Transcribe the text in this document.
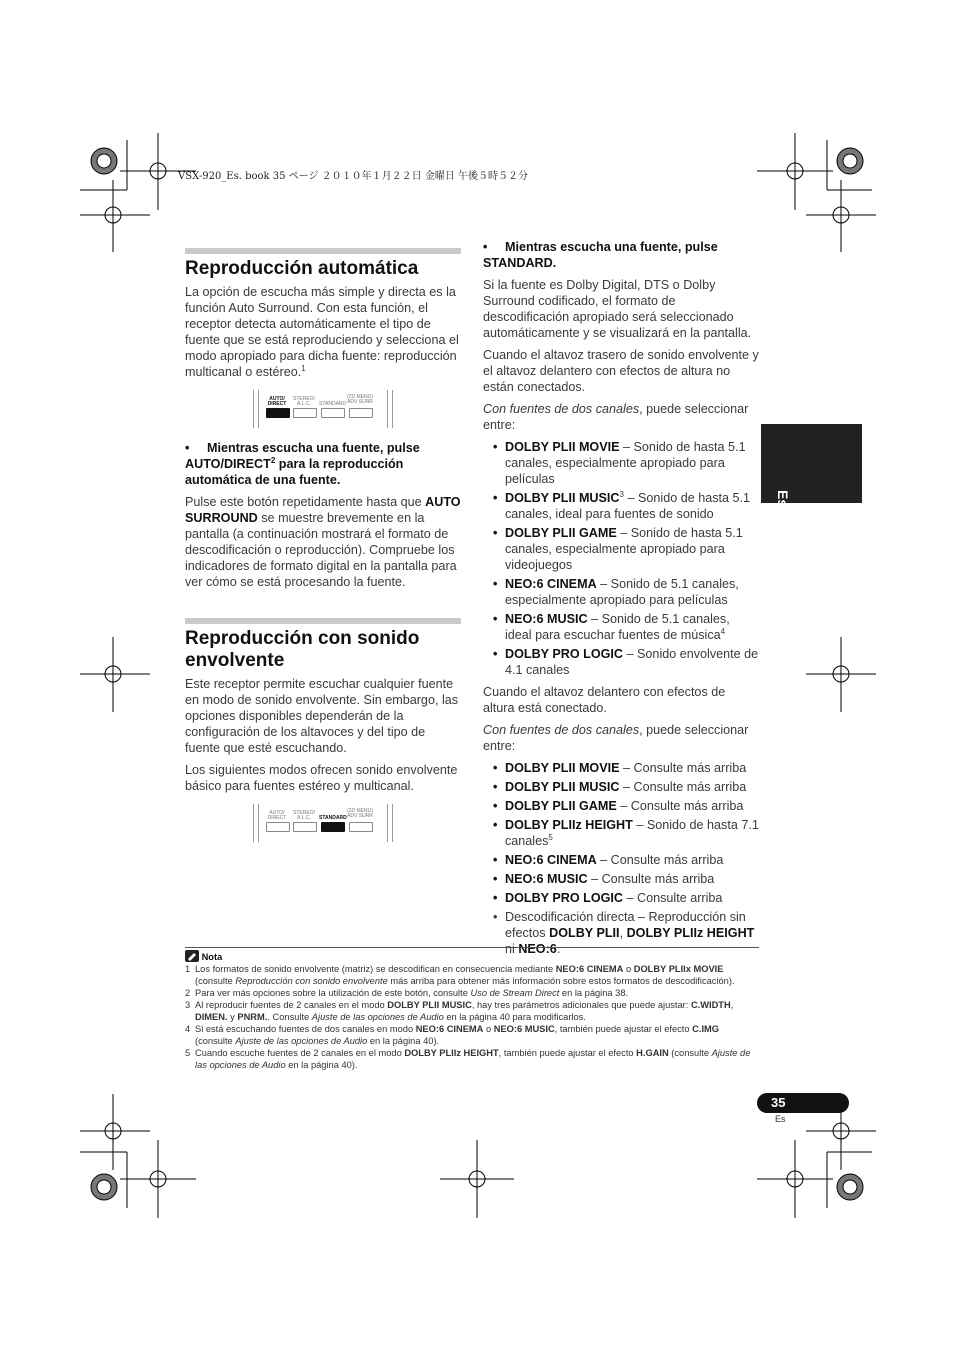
VSX-920_Es. book 35 ページ ２０１０年１月２２日 金曜日 午後５時５２分
Español
Reproducción automática

La opción de escucha más simple y directa es la función Auto Surround. Con esta función, el receptor detecta automáticamente el tipo de fuente que se está reproduciendo y selecciona el modo apropiado para dicha fuente: reproducción multicanal o estéreo.$^1$

AUTO/ DIRECT
STEREO/ A.L.C.	STANDARD
(2D MENU) ADV SURR

• Mientras escucha una fuente, pulse AUTO/DIRECT$^2$ para la reproducción automática de una fuente.

Pulse este botón repetidamente hasta que AUTO SURROUND se muestre brevemente en la pantalla (a continuación mostrará el formato de descodificación o reproducción). Compruebe los indicadores de formato digital en la pantalla para ver cómo se está procesando la fuente.

Reproducción con sonido envolvente

Este receptor permite escuchar cualquier fuente en modo de sonido envolvente. Sin embargo, las opciones disponibles dependerán de la configuración de los altavoces y del tipo de fuente que esté escuchando.

Los siguientes modos ofrecen sonido envolvente básico para fuentes estéreo y multicanal.

AUTO/ DIRECT
STEREO/ A.L.C.	STANDARD
(2D MENU) ADV SURR

• Mientras escucha una fuente, pulse STANDARD.

Si la fuente es Dolby Digital, DTS o Dolby Surround codificado, el formato de descodificación apropiado será seleccionado automáticamente y se visualizará en la pantalla.

Cuando el altavoz trasero de sonido envolvente y el altavoz delantero con efectos de altura no están conectados.

Con fuentes de dos canales, puede seleccionar entre:

• DOLBY PLII MOVIE – Sonido de hasta 5.1 canales, especialmente apropiado para películas
• DOLBY PLII MUSIC$^3$ – Sonido de hasta 5.1 canales, ideal para fuentes de sonido
• DOLBY PLII GAME – Sonido de hasta 5.1 canales, especialmente apropiado para videojuegos
• NEO:6 CINEMA – Sonido de 5.1 canales, especialmente apropiado para películas
• NEO:6 MUSIC – Sonido de 5.1 canales, ideal para escuchar fuentes de música$^4$
• DOLBY PRO LOGIC – Sonido envolvente de 4.1 canales

Cuando el altavoz delantero con efectos de altura está conectado.

Con fuentes de dos canales, puede seleccionar entre:

• DOLBY PLII MOVIE – Consulte más arriba
• DOLBY PLII MUSIC – Consulte más arriba
• DOLBY PLII GAME – Consulte más arriba
• DOLBY PLIIz HEIGHT – Sonido de hasta 7.1 canales$^5$
• NEO:6 CINEMA – Consulte más arriba
• NEO:6 MUSIC – Consulte más arriba
• DOLBY PRO LOGIC – Consulte arriba
• Descodificación directa – Reproducción sin efectos DOLBY PLII, DOLBY PLIIz HEIGHT ni NEO:6.
Nota
1 Los formatos de sonido envolvente (matriz) se descodifican en consecuencia mediante NEO:6 CINEMA o DOLBY PLIIx MOVIE (consulte Reproducción con sonido envolvente más arriba para obtener más información sobre estos formatos de descodificación).
2 Para ver más opciones sobre la utilización de este botón, consulte Uso de Stream Direct en la página 38.
3 Al reproducir fuentes de 2 canales en el modo DOLBY PLII MUSIC, hay tres parámetros adicionales que puede ajustar: C.WIDTH, DIMEN. y PNRM.. Consulte Ajuste de las opciones de Audio en la página 40 para modificarlos.
4 Si está escuchando fuentes de dos canales en modo NEO:6 CINEMA o NEO:6 MUSIC, también puede ajustar el efecto C.IMG (consulte Ajuste de las opciones de Audio en la página 40).
5 Cuando escuche fuentes de 2 canales en el modo DOLBY PLIIz HEIGHT, también puede ajustar el efecto H.GAIN (consulte Ajuste de las opciones de Audio en la página 40).
35
Es
